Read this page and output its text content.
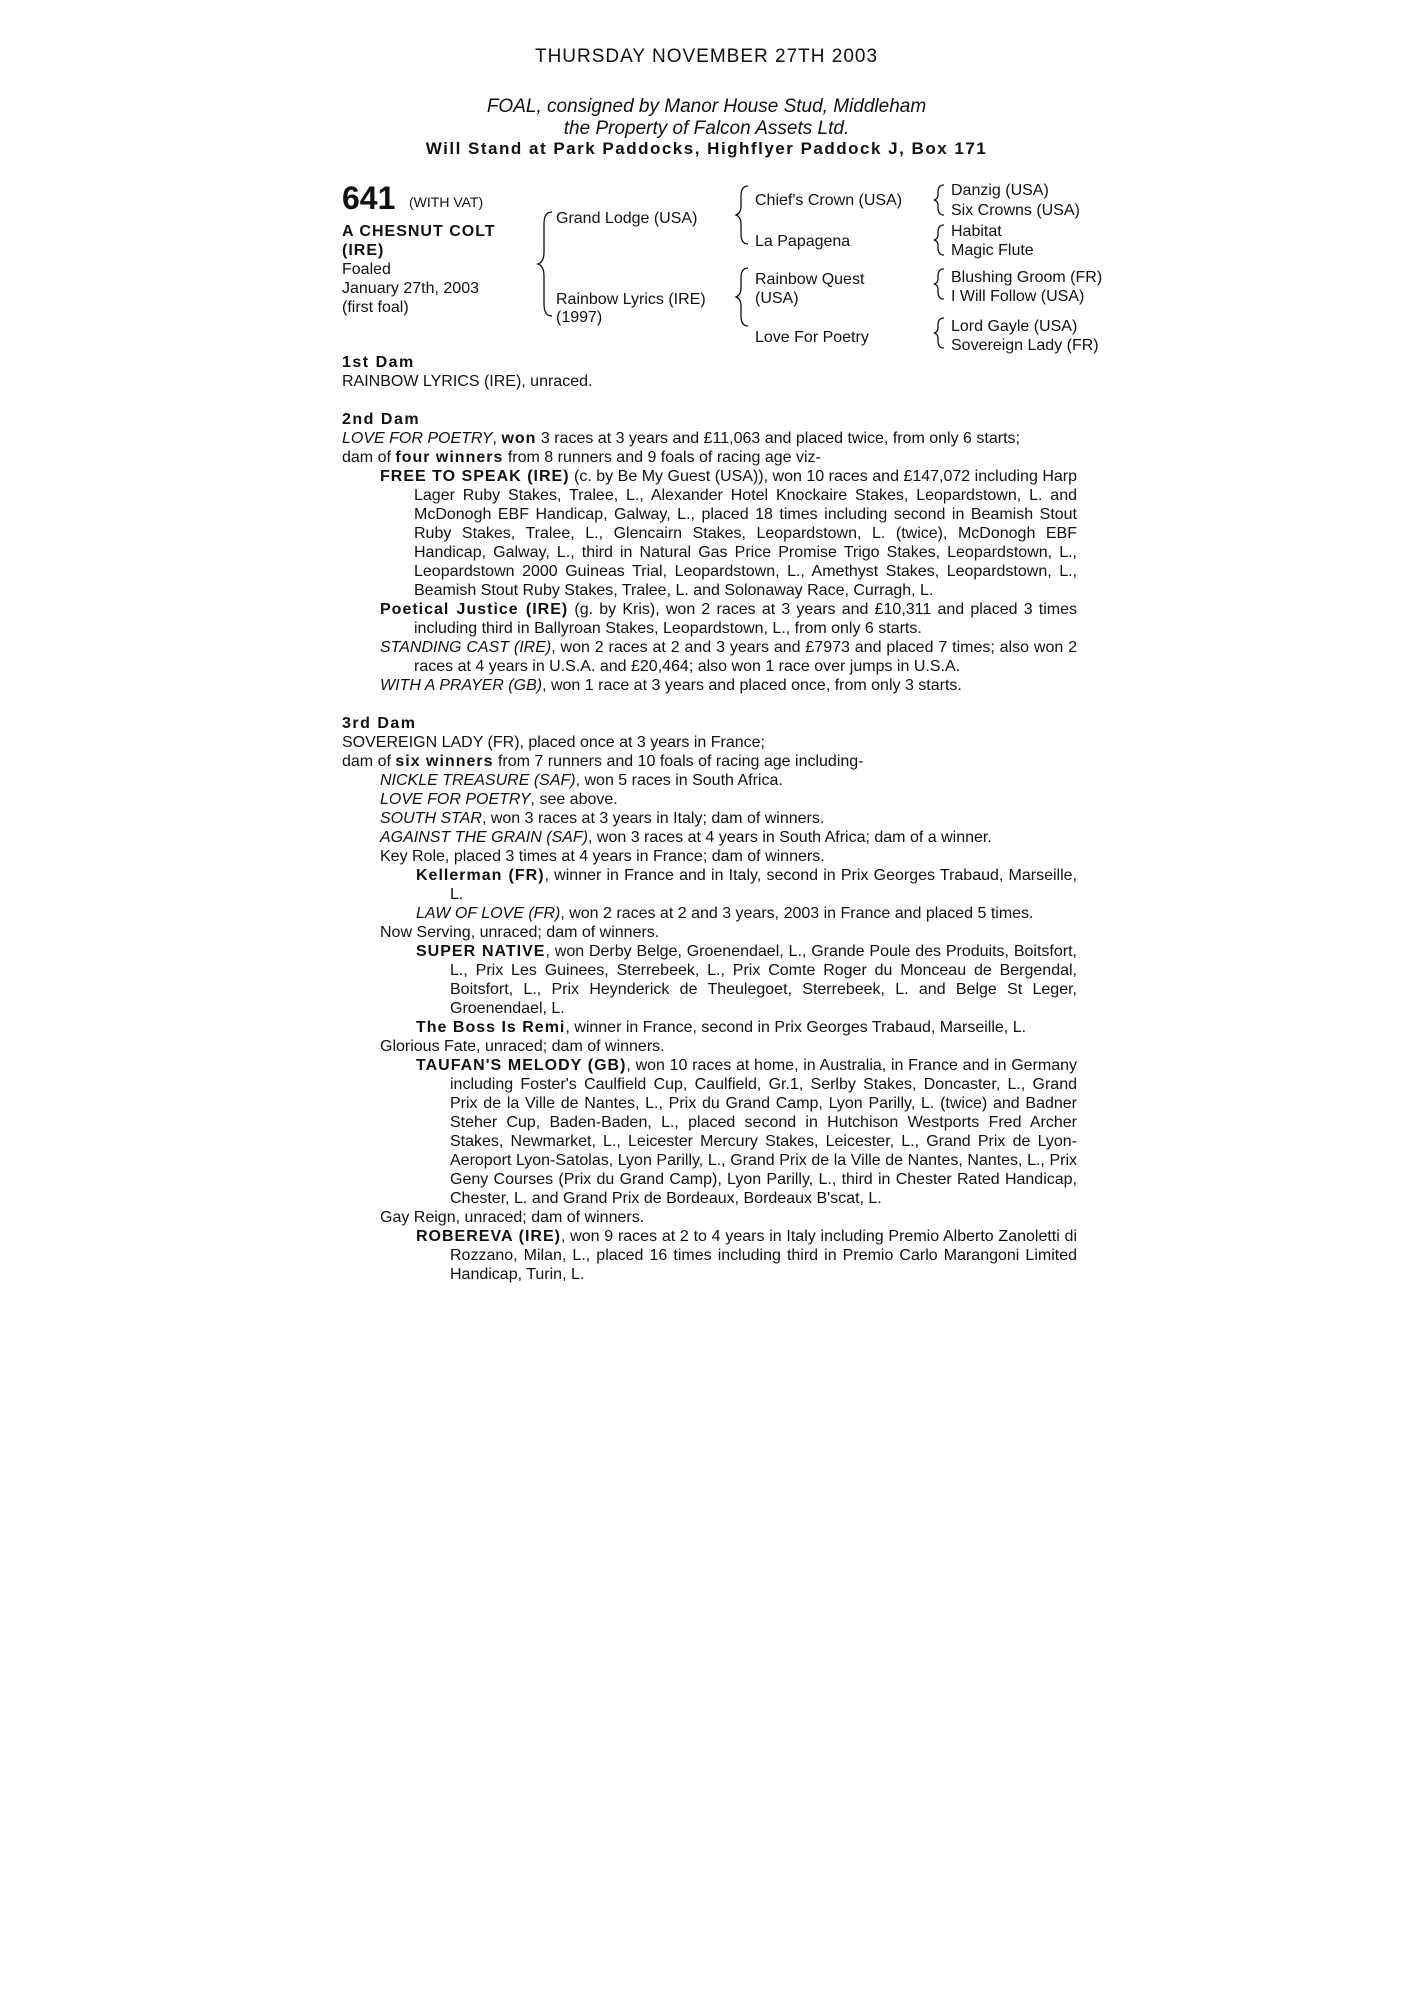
THURSDAY NOVEMBER 27TH 2003
FOAL, consigned by Manor House Stud, Middleham
the Property of Falcon Assets Ltd.
Will Stand at Park Paddocks, Highflyer Paddock J, Box 171
641 (WITH VAT)
A CHESNUT COLT
(IRE)
Foaled
January 27th, 2003
(first foal)
Grand Lodge (USA)
Rainbow Lyrics (IRE)
(1997)
Chief's Crown (USA)
La Papagena
Rainbow Quest
(USA)
Love For Poetry
Danzig (USA)
Six Crowns (USA)
Habitat
Magic Flute
Blushing Groom (FR)
I Will Follow (USA)
Lord Gayle (USA)
Sovereign Lady (FR)
1st Dam
RAINBOW LYRICS (IRE), unraced.
2nd Dam

LOVE FOR POETRY, won 3 races at 3 years and £11,063 and placed twice, from only 6 starts;

dam of four winners from 8 runners and 9 foals of racing age viz-

FREE TO SPEAK (IRE) (c. by Be My Guest (USA)), won 10 races and £147,072 including Harp Lager Ruby Stakes, Tralee, L., Alexander Hotel Knockaire Stakes, Leopardstown, L. and McDonogh EBF Handicap, Galway, L., placed 18 times including second in Beamish Stout Ruby Stakes, Tralee, L., Glencairn Stakes, Leopardstown, L. (twice), McDonogh EBF Handicap, Galway, L., third in Natural Gas Price Promise Trigo Stakes, Leopardstown, L., Leopardstown 2000 Guineas Trial, Leopardstown, L., Amethyst Stakes, Leopardstown, L., Beamish Stout Ruby Stakes, Tralee, L. and Solonaway Race, Curragh, L.

Poetical Justice (IRE) (g. by Kris), won 2 races at 3 years and £10,311 and placed 3 times including third in Ballyroan Stakes, Leopardstown, L., from only 6 starts.

STANDING CAST (IRE), won 2 races at 2 and 3 years and £7973 and placed 7 times; also won 2 races at 4 years in U.S.A. and £20,464; also won 1 race over jumps in U.S.A.

WITH A PRAYER (GB), won 1 race at 3 years and placed once, from only 3 starts.

3rd Dam
SOVEREIGN LADY (FR), placed once at 3 years in France;

dam of six winners from 7 runners and 10 foals of racing age including-

NICKLE TREASURE (SAF), won 5 races in South Africa.

LOVE FOR POETRY, see above.

SOUTH STAR, won 3 races at 3 years in Italy; dam of winners.

AGAINST THE GRAIN (SAF), won 3 races at 4 years in South Africa; dam of a winner.

Key Role, placed 3 times at 4 years in France; dam of winners.

Kellerman (FR), winner in France and in Italy, second in Prix Georges Trabaud, Marseille, L.

LAW OF LOVE (FR), won 2 races at 2 and 3 years, 2003 in France and placed 5 times.

Now Serving, unraced; dam of winners.

SUPER NATIVE, won Derby Belge, Groenendael, L., Grande Poule des Produits, Boitsfort, L., Prix Les Guinees, Sterrebeek, L., Prix Comte Roger du Monceau de Bergendal, Boitsfort, L., Prix Heynderick de Theulegoet, Sterrebeek, L. and Belge St Leger, Groenendael, L.

The Boss Is Remi, winner in France, second in Prix Georges Trabaud, Marseille, L.

Glorious Fate, unraced; dam of winners.

TAUFAN'S MELODY (GB), won 10 races at home, in Australia, in France and in Germany including Foster's Caulfield Cup, Caulfield, Gr.1, Serlby Stakes, Doncaster, L., Grand Prix de la Ville de Nantes, L., Prix du Grand Camp, Lyon Parilly, L. (twice) and Badner Steher Cup, Baden-Baden, L., placed second in Hutchison Westports Fred Archer Stakes, Newmarket, L., Leicester Mercury Stakes, Leicester, L., Grand Prix de Lyon-Aeroport Lyon-Satolas, Lyon Parilly, L., Grand Prix de la Ville de Nantes, Nantes, L., Prix Geny Courses (Prix du Grand Camp), Lyon Parilly, L., third in Chester Rated Handicap, Chester, L. and Grand Prix de Bordeaux, Bordeaux B'scat, L.

Gay Reign, unraced; dam of winners.

ROBEREVA (IRE), won 9 races at 2 to 4 years in Italy including Premio Alberto Zanoletti di Rozzano, Milan, L., placed 16 times including third in Premio Carlo Marangoni Limited Handicap, Turin, L.
